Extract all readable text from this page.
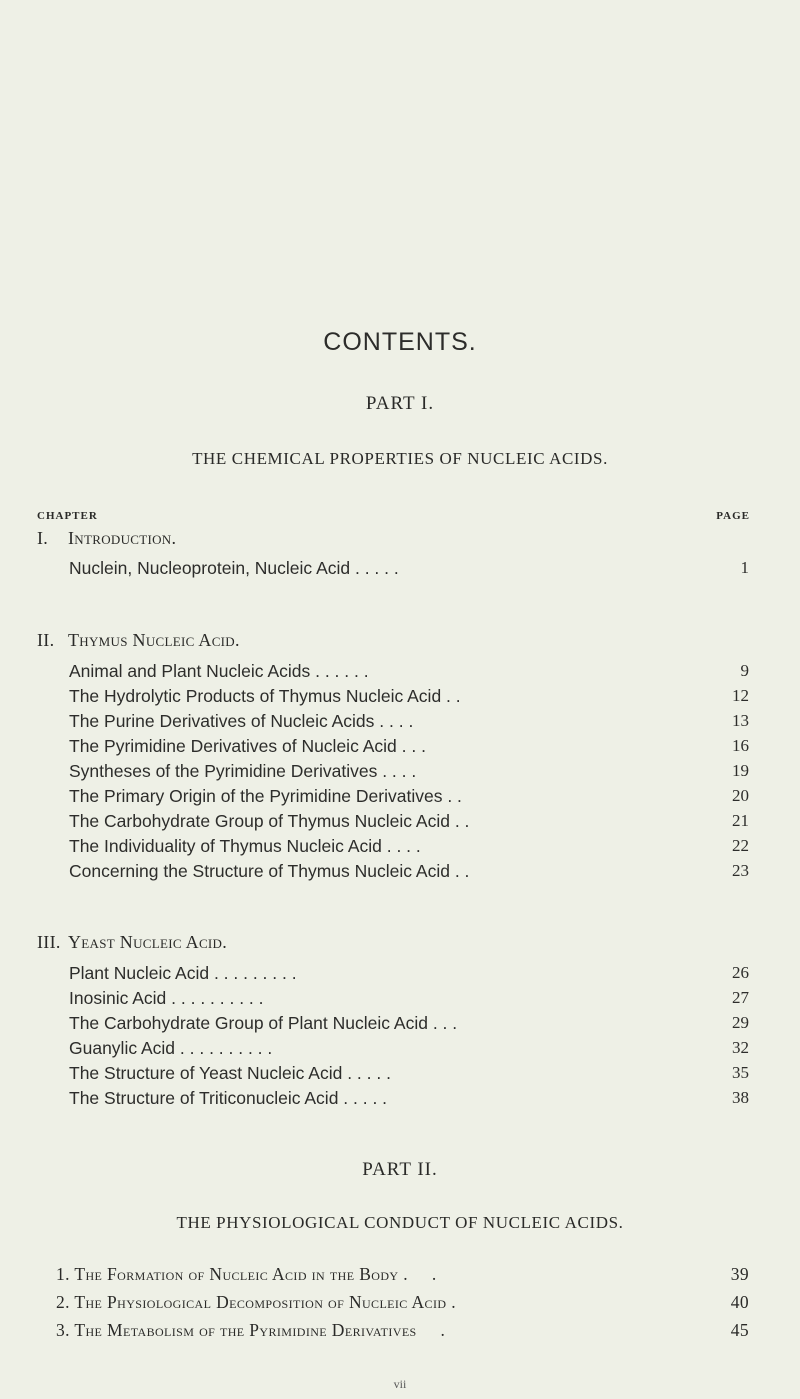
CONTENTS.
PART I.
THE CHEMICAL PROPERTIES OF NUCLEIC ACIDS.
CHAPTER	PAGE
I. Introduction.
Nuclein, Nucleoprotein, Nucleic Acid . . . . .	1
II. Thymus Nucleic Acid.
Animal and Plant Nucleic Acids . . . . . .	9
The Hydrolytic Products of Thymus Nucleic Acid . .	12
The Purine Derivatives of Nucleic Acids . . . .	13
The Pyrimidine Derivatives of Nucleic Acid . . .	16
Syntheses of the Pyrimidine Derivatives . . . .	19
The Primary Origin of the Pyrimidine Derivatives . .	20
The Carbohydrate Group of Thymus Nucleic Acid . .	21
The Individuality of Thymus Nucleic Acid . . . .	22
Concerning the Structure of Thymus Nucleic Acid . .	23
III. Yeast Nucleic Acid.
Plant Nucleic Acid . . . . . . . . .	26
Inosinic Acid . . . . . . . . . .	27
The Carbohydrate Group of Plant Nucleic Acid . . .	29
Guanylic Acid . . . . . . . . . .	32
The Structure of Yeast Nucleic Acid . . . . .	35
The Structure of Triticonucleic Acid . . . . .	38
PART II.
THE PHYSIOLOGICAL CONDUCT OF NUCLEIC ACIDS.
1. The Formation of Nucleic Acid in the Body .     .	39
2. The Physiological Decomposition of Nucleic Acid .	40
3. The Metabolism of the Pyrimidine Derivatives     .	45
vii
